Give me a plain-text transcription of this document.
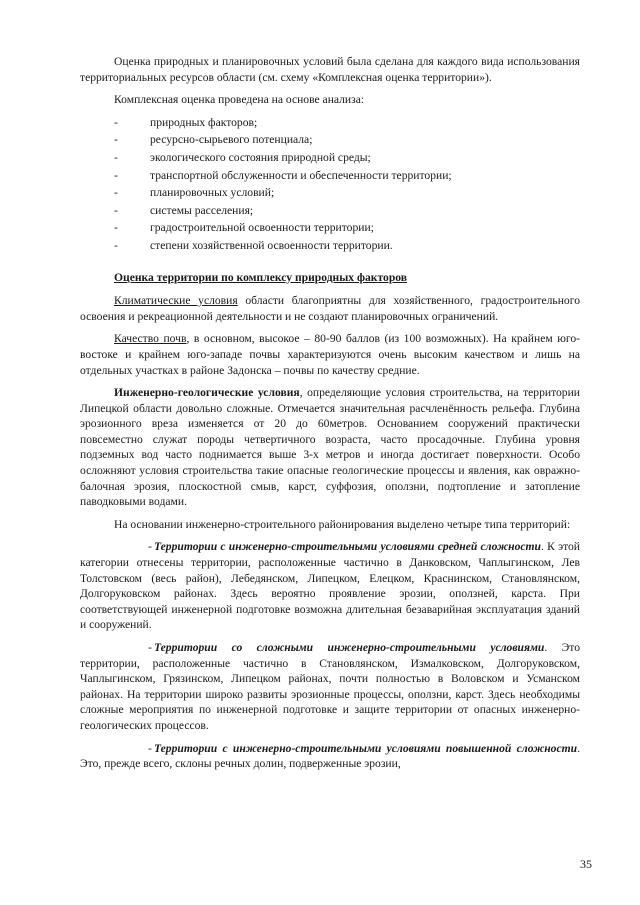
Оценка природных и планировочных условий была сделана для каждого вида использования территориальных ресурсов области (см. схему «Комплексная оценка территории»).

Комплексная оценка проведена на основе анализа:

-	природных факторов;
-	ресурсно-сырьевого потенциала;
-	экологического состояния природной среды;
-	транспортной обслуженности и обеспеченности территории;
-	планировочных условий;
-	системы расселения;
-	градостроительной освоенности территории;
-	степени хозяйственной освоенности территории.

Оценка территории по комплексу природных факторов

Климатические условия области благоприятны для хозяйственного, градостроительного освоения и рекреационной деятельности и не создают планировочных ограничений.

Качество почв, в основном, высокое – 80-90 баллов (из 100 возможных). На крайнем юго-востоке и крайнем юго-западе почвы характеризуются очень высоким качеством и лишь на отдельных участках в районе Задонска – почвы по качеству средние.

Инженерно-геологические условия, определяющие условия строительства, на территории Липецкой области довольно сложные. Отмечается значительная расчленённость рельефа. Глубина эрозионного вреза изменяется от 20 до 60метров. Основанием сооружений практически повсеместно служат породы четвертичного возраста, часто просадочные. Глубина уровня подземных вод часто поднимается выше 3-х метров и иногда достигает поверхности. Особо осложняют условия строительства такие опасные геологические процессы и явления, как овражно-балочная эрозия, плоскостной смыв, карст, суффозия, оползни, подтопление и затопление паводковыми водами.

На основании инженерно-строительного районирования выделено четыре типа территорий:

- Территории с инженерно-строительными условиями средней сложности. К этой категории отнесены территории, расположенные частично в Данковском, Чаплыгинском, Лев Толстовском (весь район), Лебедянском, Липецком, Елецком, Краснинском, Становлянском, Долгоруковском районах. Здесь вероятно проявление эрозии, оползней, карста. При соответствующей инженерной подготовке возможна длительная безаварийная эксплуатация зданий и сооружений.

- Территории со сложными инженерно-строительными условиями. Это территории, расположенные частично в Становлянском, Измалковском, Долгоруковском, Чаплыгинском, Грязинском, Липецком районах, почти полностью в Воловском и Усманском районах. На территории широко развиты эрозионные процессы, оползни, карст. Здесь необходимы сложные мероприятия по инженерной подготовке и защите территории от опасных инженерно-геологических процессов.

- Территории с инженерно-строительными условиями повышенной сложности. Это, прежде всего, склоны речных долин, подверженные эрозии,

35
